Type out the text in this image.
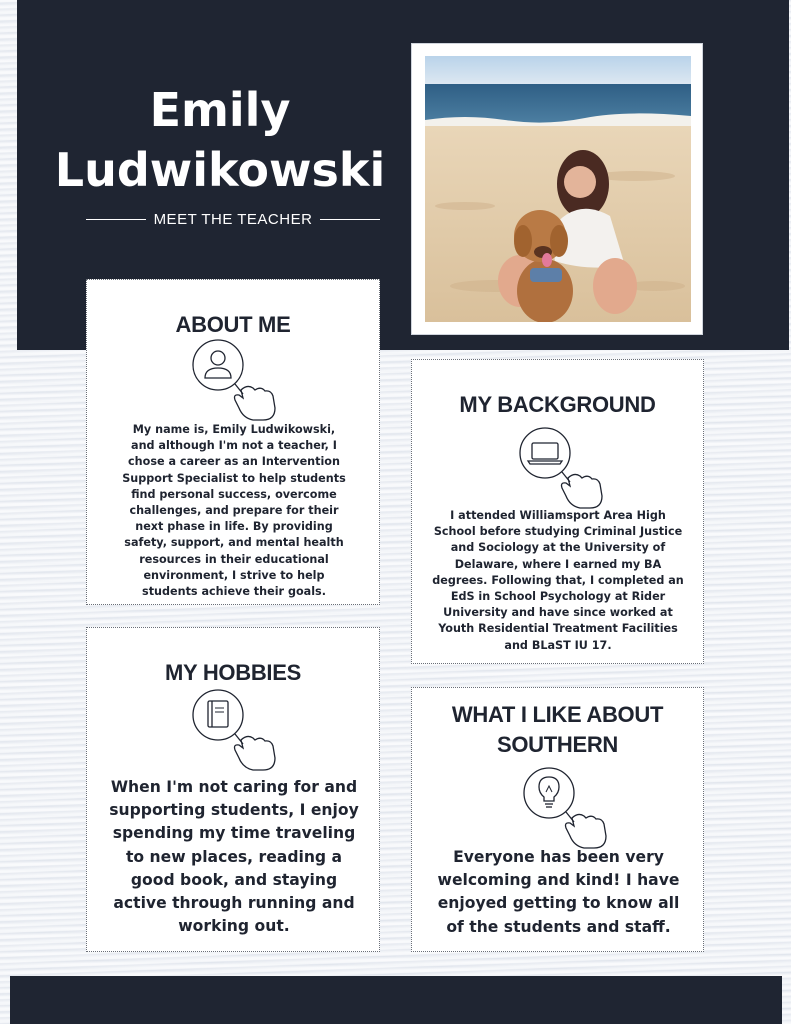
Emily
Ludwikowski
MEET THE TEACHER
ABOUT ME
My name is, Emily Ludwikowski, and although I'm not a teacher, I chose a career as an Intervention Support Specialist to help students find personal success, overcome challenges, and prepare for their next phase in life. By providing safety, support, and mental health resources in their educational environment, I strive to help students achieve their goals.
MY BACKGROUND
I attended Williamsport Area High School before studying Criminal Justice and Sociology at the University of Delaware, where I earned my BA degrees. Following that, I completed an EdS in School Psychology at Rider University and have since worked at Youth Residential Treatment Facilities and BLaST IU 17.
MY HOBBIES
When I'm not caring for and supporting students, I enjoy spending my time traveling to new places, reading a good book, and staying active through running and working out.
WHAT I LIKE ABOUT
SOUTHERN
Everyone has been very welcoming and kind! I have enjoyed getting to know all of the students and staff.
